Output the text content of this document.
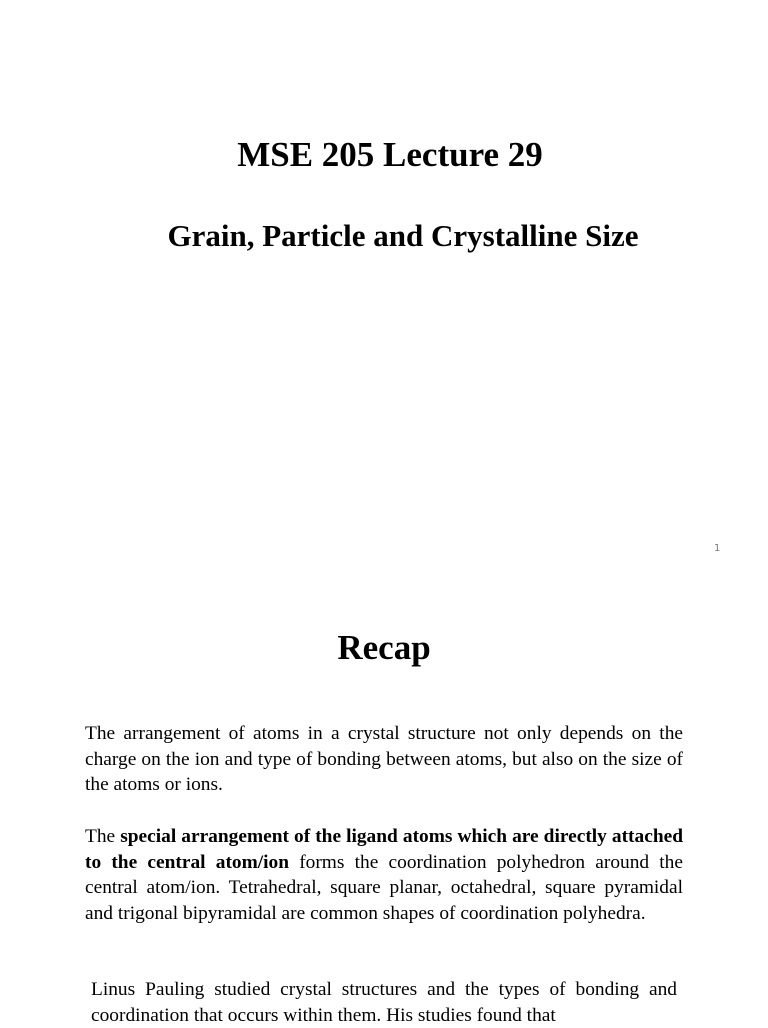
MSE 205 Lecture 29
Grain, Particle and Crystalline Size
1
Recap

The arrangement of atoms in a crystal structure not only depends on the charge on the ion and type of bonding between atoms, but also on the size of the atoms or ions.

The special arrangement of the ligand atoms which are directly attached to the central atom/ion forms the coordination polyhedron around the central atom/ion. Tetrahedral, square planar, octahedral, square pyramidal and trigonal bipyramidal are common shapes of coordination polyhedra.

Linus Pauling studied crystal structures and the types of bonding and coordination that occurs within them. His studies found that
